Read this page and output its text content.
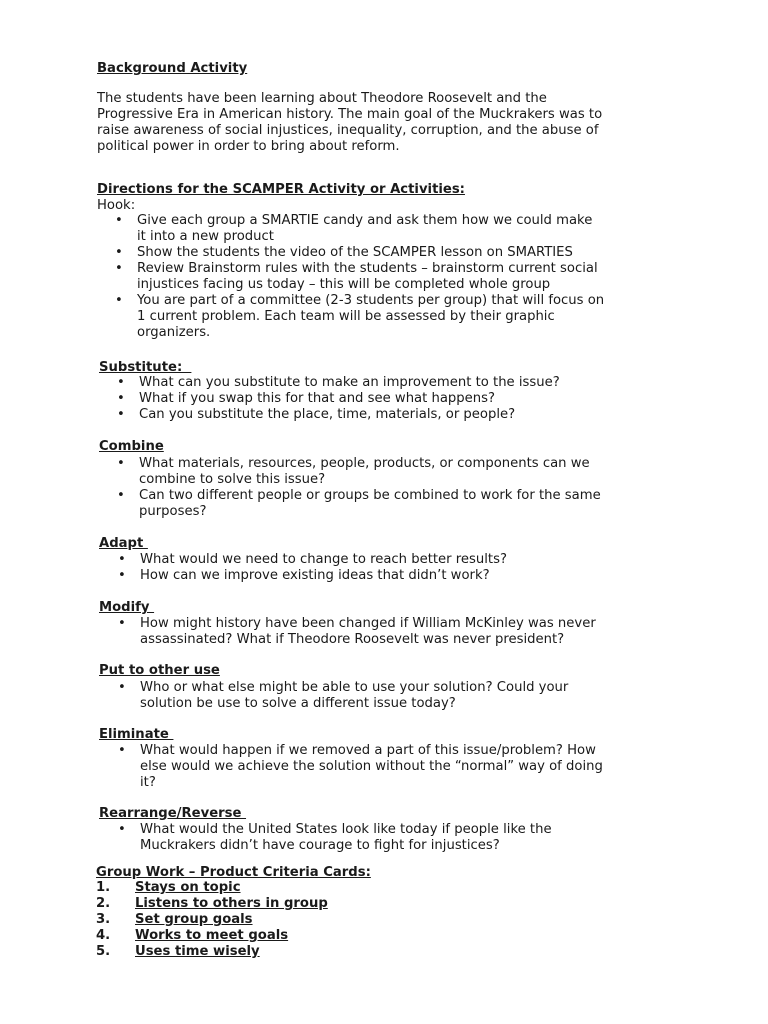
Background Activity
The students have been learning about Theodore Roosevelt and the Progressive Era in American history. The main goal of the Muckrakers was to raise awareness of social injustices, inequality, corruption, and the abuse of political power in order to bring about reform.
Directions for the SCAMPER Activity or Activities:
Hook:
• Give each group a SMARTIE candy and ask them how we could make it into a new product
• Show the students the video of the SCAMPER lesson on SMARTIES
• Review Brainstorm rules with the students – brainstorm current social injustices facing us today – this will be completed whole group
• You are part of a committee (2-3 students per group) that will focus on 1 current problem. Each team will be assessed by their graphic organizers.
Substitute:
• What can you substitute to make an improvement to the issue?
• What if you swap this for that and see what happens?
• Can you substitute the place, time, materials, or people?
Combine
• What materials, resources, people, products, or components can we combine to solve this issue?
• Can two different people or groups be combined to work for the same purposes?
Adapt
• What would we need to change to reach better results?
• How can we improve existing ideas that didn’t work?
Modify
• How might history have been changed if William McKinley was never assassinated? What if Theodore Roosevelt was never president?
Put to other use
• Who or what else might be able to use your solution? Could your solution be use to solve a different issue today?
Eliminate
• What would happen if we removed a part of this issue/problem? How else would we achieve the solution without the “normal” way of doing it?
Rearrange/Reverse
• What would the United States look like today if people like the Muckrakers didn’t have courage to fight for injustices?
Group Work – Product Criteria Cards:
1. Stays on topic
2. Listens to others in group
3. Set group goals
4. Works to meet goals
5. Uses time wisely
